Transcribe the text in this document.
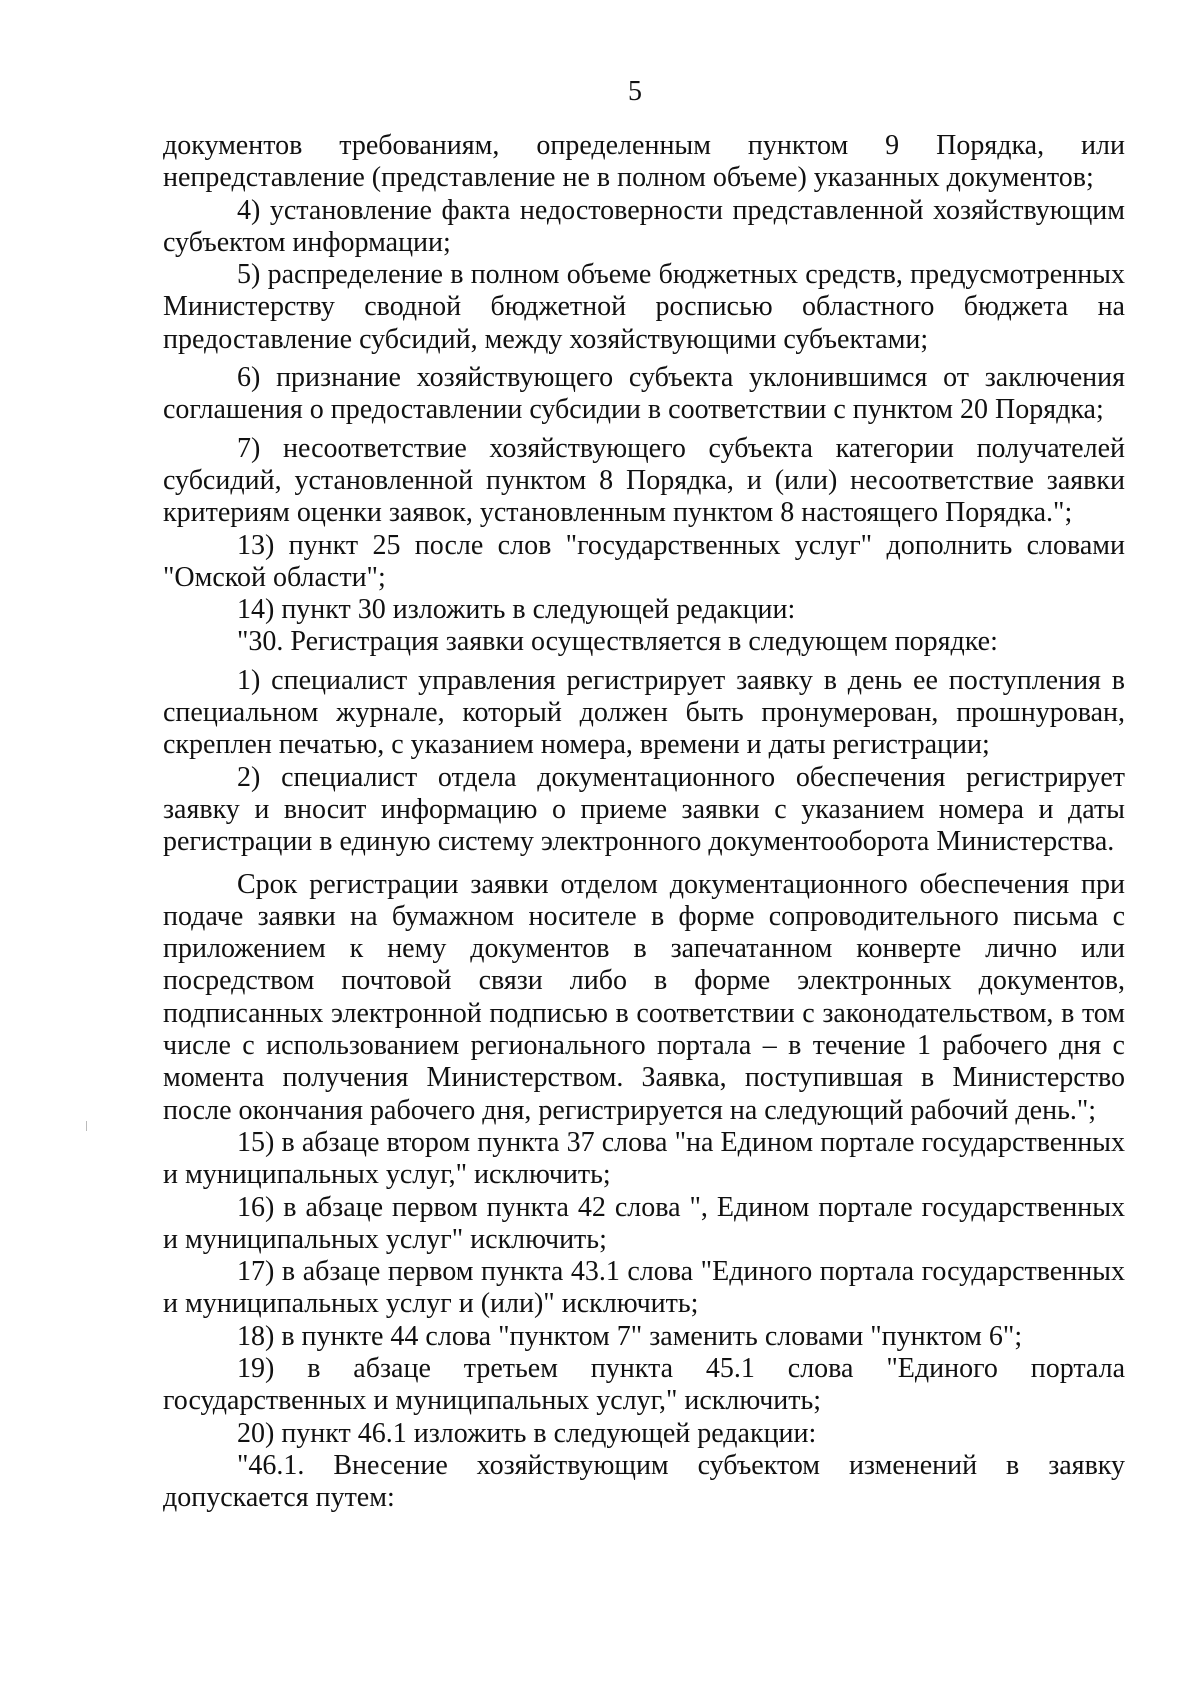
5

документов требованиям, определенным пунктом 9 Порядка, или непредставление (представление не в полном объеме) указанных документов;

4) установление факта недостоверности представленной хозяйствующим субъектом информации;

5) распределение в полном объеме бюджетных средств, предусмотренных Министерству сводной бюджетной росписью областного бюджета на предоставление субсидий, между хозяйствующими субъектами;

6) признание хозяйствующего субъекта уклонившимся от заключения соглашения о предоставлении субсидии в соответствии с пунктом 20 Порядка;

7) несоответствие хозяйствующего субъекта категории получателей субсидий, установленной пунктом 8 Порядка, и (или) несоответствие заявки критериям оценки заявок, установленным пунктом 8 настоящего Порядка.";

13) пункт 25 после слов "государственных услуг" дополнить словами "Омской области";

14) пункт 30 изложить в следующей редакции:

"30. Регистрация заявки осуществляется в следующем порядке:

1) специалист управления регистрирует заявку в день ее поступления в специальном журнале, который должен быть пронумерован, прошнурован, скреплен печатью, с указанием номера, времени и даты регистрации;

2) специалист отдела документационного обеспечения регистрирует заявку и вносит информацию о приеме заявки с указанием номера и даты регистрации в единую систему электронного документооборота Министерства.

Срок регистрации заявки отделом документационного обеспечения при подаче заявки на бумажном носителе в форме сопроводительного письма с приложением к нему документов в запечатанном конверте лично или посредством почтовой связи либо в форме электронных документов, подписанных электронной подписью в соответствии с законодательством, в том числе с использованием регионального портала – в течение 1 рабочего дня с момента получения Министерством. Заявка, поступившая в Министерство после окончания рабочего дня, регистрируется на следующий рабочий день.";

15) в абзаце втором пункта 37 слова "на Едином портале государственных и муниципальных услуг," исключить;

16) в абзаце первом пункта 42 слова ", Едином портале государственных и муниципальных услуг" исключить;

17) в абзаце первом пункта 43.1 слова "Единого портала государственных и муниципальных услуг и (или)" исключить;

18) в пункте 44 слова "пунктом 7" заменить словами "пунктом 6";

19) в абзаце третьем пункта 45.1 слова "Единого портала государственных и муниципальных услуг," исключить;

20) пункт 46.1 изложить в следующей редакции:

"46.1. Внесение хозяйствующим субъектом изменений в заявку допускается путем:
